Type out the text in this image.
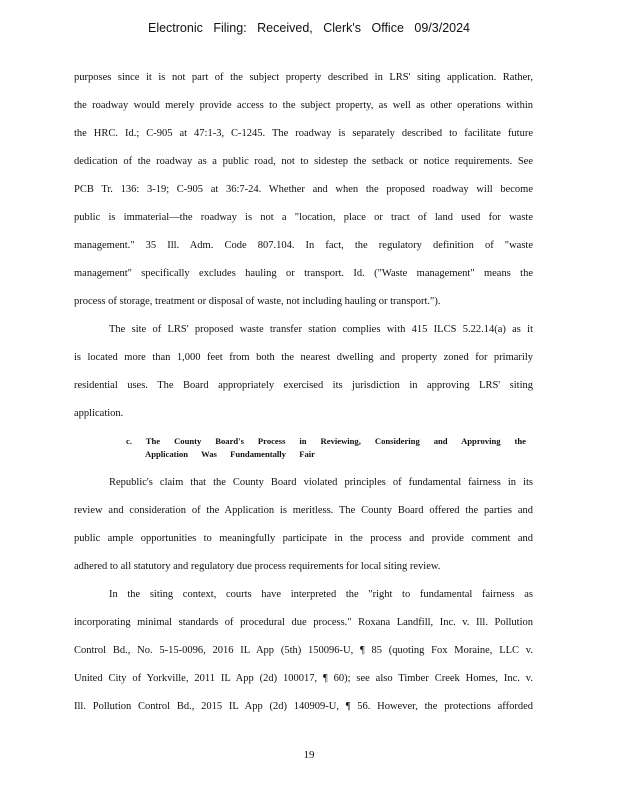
Electronic Filing: Received, Clerk's Office 09/3/2024
purposes since it is not part of the subject property described in LRS' siting application. Rather,
the roadway would merely provide access to the subject property, as well as other operations within
the HRC. Id.; C-905 at 47:1-3, C-1245. The roadway is separately described to facilitate future
dedication of the roadway as a public road, not to sidestep the setback or notice requirements. See
PCB Tr. 136: 3-19; C-905 at 36:7-24. Whether and when the proposed roadway will become
public is immaterial—the roadway is not a "location, place or tract of land used for waste
management." 35 Ill. Adm. Code 807.104. In fact, the regulatory definition of "waste
management" specifically excludes hauling or transport. Id. ("Waste management" means the
process of storage, treatment or disposal of waste, not including hauling or transport.").
The site of LRS' proposed waste transfer station complies with 415 ILCS 5.22.14(a) as it
is located more than 1,000 feet from both the nearest dwelling and property zoned for primarily
residential uses. The Board appropriately exercised its jurisdiction in approving LRS' siting
application.
c. The County Board's Process in Reviewing, Considering and Approving the
Application Was Fundamentally Fair
Republic's claim that the County Board violated principles of fundamental fairness in its
review and consideration of the Application is meritless. The County Board offered the parties and
public ample opportunities to meaningfully participate in the process and provide comment and
adhered to all statutory and regulatory due process requirements for local siting review.
In the siting context, courts have interpreted the "right to fundamental fairness as
incorporating minimal standards of procedural due process." Roxana Landfill, Inc. v. Ill. Pollution
Control Bd., No. 5-15-0096, 2016 IL App (5th) 150096-U, ¶ 85 (quoting Fox Moraine, LLC v.
United City of Yorkville, 2011 IL App (2d) 100017, ¶ 60); see also Timber Creek Homes, Inc. v.
Ill. Pollution Control Bd., 2015 IL App (2d) 140909-U, ¶ 56. However, the protections afforded
19
